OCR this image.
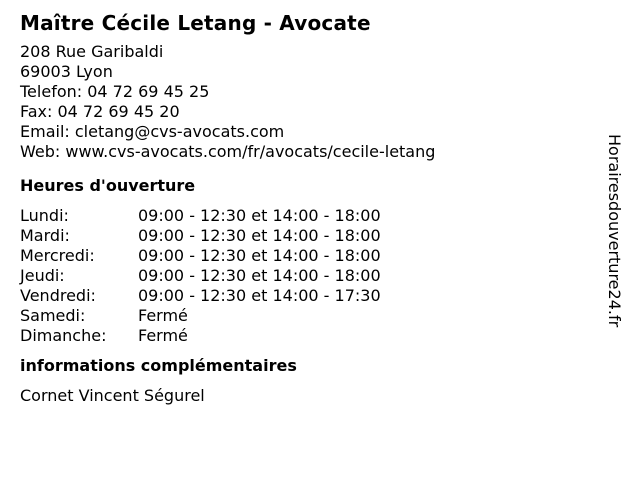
Maître Cécile Letang - Avocate
208 Rue Garibaldi
69003 Lyon
Telefon: 04 72 69 45 25
Fax: 04 72 69 45 20
Email: cletang@cvs-avocats.com
Web: www.cvs-avocats.com/fr/avocats/cecile-letang
Heures d'ouverture
Lundi:	09:00 - 12:30 et 14:00 - 18:00
Mardi:	09:00 - 12:30 et 14:00 - 18:00
Mercredi:	09:00 - 12:30 et 14:00 - 18:00
Jeudi:	09:00 - 12:30 et 14:00 - 18:00
Vendredi:	09:00 - 12:30 et 14:00 - 17:30
Samedi:	Fermé
Dimanche:	Fermé
informations complémentaires
Cornet Vincent Ségurel
Horairesdouverture24.fr
